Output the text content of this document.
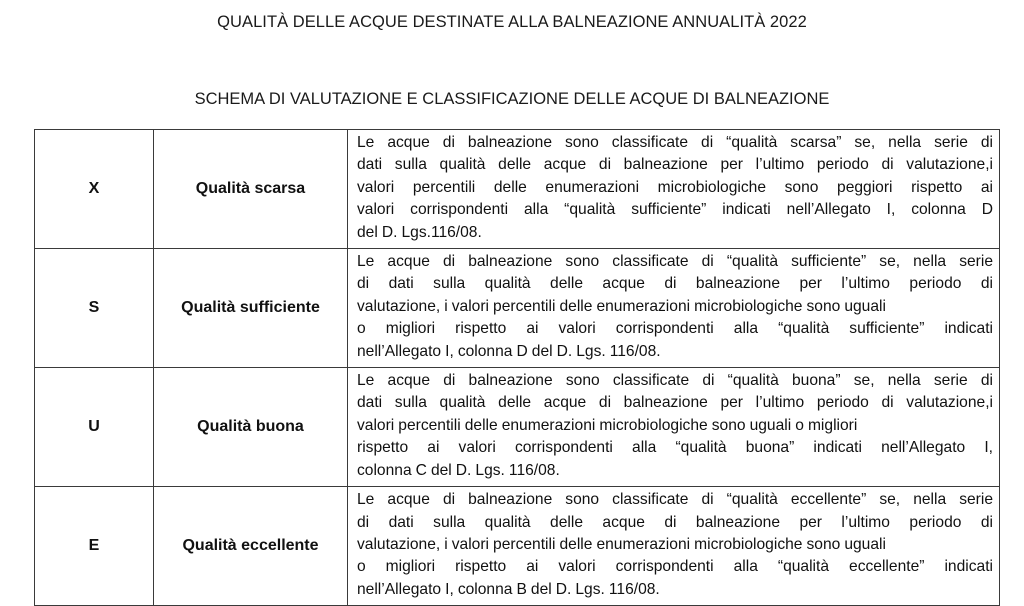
QUALITÀ DELLE ACQUE DESTINATE ALLA BALNEAZIONE ANNUALITÀ 2022
SCHEMA DI VALUTAZIONE E CLASSIFICAZIONE DELLE ACQUE DI BALNEAZIONE
X	Qualità scarsa	Le acque di balneazione sono classificate di “qualità scarsa” se, nella serie di
dati sulla qualità delle acque di balneazione per l’ultimo periodo di valutazione,i
valori percentili delle enumerazioni microbiologiche sono peggiori rispetto ai
valori corrispondenti alla “qualità sufficiente” indicati nell’Allegato I, colonna D
del D. Lgs.116/08.

S	Qualità sufficiente	Le acque di balneazione sono classificate di “qualità sufficiente” se, nella serie
di dati sulla qualità delle acque di balneazione per l’ultimo periodo di
valutazione, i valori percentili delle enumerazioni microbiologiche sono uguali
o migliori rispetto ai valori corrispondenti alla “qualità sufficiente” indicati
nell’Allegato I, colonna D del D. Lgs. 116/08.

U	Qualità buona	Le acque di balneazione sono classificate di “qualità buona” se, nella serie di
dati sulla qualità delle acque di balneazione per l’ultimo periodo di valutazione,i
valori percentili delle enumerazioni microbiologiche sono uguali o migliori
rispetto ai valori corrispondenti alla “qualità buona” indicati nell’Allegato I,
colonna C del D. Lgs. 116/08.

E	Qualità eccellente	Le acque di balneazione sono classificate di “qualità eccellente” se, nella serie
di dati sulla qualità delle acque di balneazione per l’ultimo periodo di
valutazione, i valori percentili delle enumerazioni microbiologiche sono uguali
o migliori rispetto ai valori corrispondenti alla “qualità eccellente” indicati
nell’Allegato I, colonna B del D. Lgs. 116/08.
